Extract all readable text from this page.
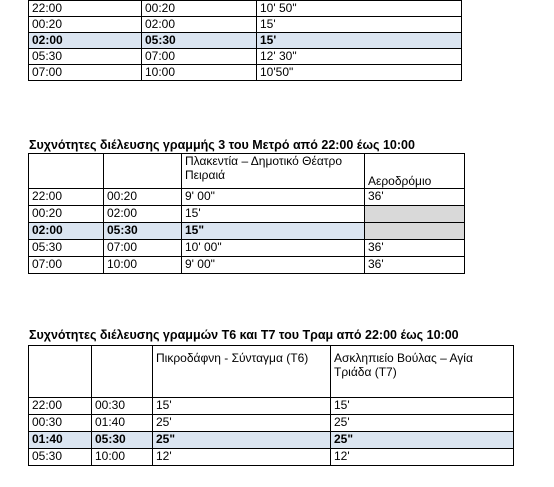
22:00	00:20	10' 50"
00:20	02:00	15'
02:00	05:30	15'
05:30	07:00	12' 30"
07:00	10:00	10'50"
Συχνότητες διέλευσης γραμμής 3 του Μετρό από 22:00 έως 10:00
		Πλακεντία – Δημοτικό Θέατρο Πειραιά	Αεροδρόμιο
22:00	00:20	9' 00"	36'
00:20	02:00	15'	
02:00	05:30	15"	
05:30	07:00	10' 00"	36'
07:00	10:00	9' 00"	36'
Συχνότητες διέλευσης γραμμών Τ6 και Τ7 του Τραμ από 22:00 έως 10:00
		Πικροδάφνη - Σύνταγμα (Τ6)	Ασκληπιείο Βούλας – Αγία Τριάδα (Τ7)
22:00	00:30	15'	15'
00:30	01:40	25'	25'
01:40	05:30	25"	25"
05:30	10:00	12'	12'
